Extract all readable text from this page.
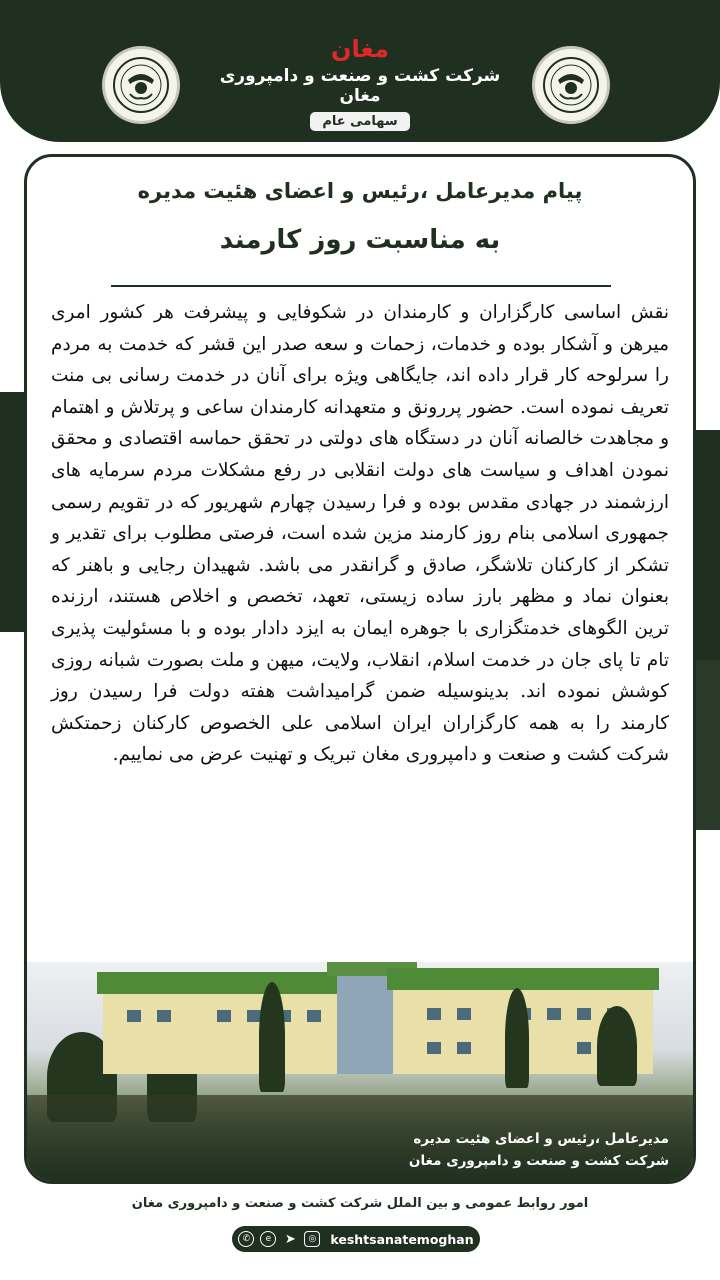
مغان
شرکت کشت و صنعت و دامپروری مغان
سهامی عام
پیام مدیرعامل ،رئیس و اعضای هئیت مدیره
به مناسبت روز کارمند
نقش اساسی کارگزاران و کارمندان در شکوفایی و پیشرفت هر کشور امری میرهن و آشکار بوده و خدمات، زحمات و سعه صدر این قشر که خدمت به مردم را سرلوحه کار قرار داده اند، جایگاهی ویژه برای آنان در خدمت رسانی بی منت تعریف نموده است. حضور پررونق و متعهدانه کارمندان ساعی و پرتلاش و اهتمام و مجاهدت خالصانه آنان در دستگاه های دولتی در تحقق حماسه اقتصادی و محقق نمودن اهداف و سیاست های دولت انقلابی در رفع مشکلات مردم سرمایه های ارزشمند در جهادی مقدس بوده و فرا رسیدن چهارم شهریور که در تقویم رسمی جمهوری اسلامی بنام روز کارمند مزین شده است، فرصتی مطلوب برای تقدیر و تشکر از کارکنان تلاشگر، صادق و گرانقدر می باشد. شهیدان رجایی و باهنر که بعنوان نماد و مظهر بارز ساده زیستی، تعهد، تخصص و اخلاص هستند، ارزنده ترین الگوهای خدمتگزاری با جوهره ایمان به ایزد دادار بوده و با مسئولیت پذیری تام تا پای جان در خدمت اسلام، انقلاب، ولایت، میهن و ملت بصورت شبانه روزی کوشش نموده اند. بدینوسیله ضمن گرامیداشت هفته دولت فرا رسیدن روز کارمند را به همه کارگزاران ایران اسلامی علی الخصوص کارکنان زحمتکش شرکت کشت و صنعت و دامپروری مغان تبریک و تهنیت عرض می نماییم.
مدیرعامل ،رئیس و اعضای هئیت مدیره
شرکت کشت و صنعت و دامپروری مغان
امور روابط عمومی و بین الملل شرکت کشت و صنعت و دامپروری مغان
✆	e	➤	◎	keshtsanatemoghan
